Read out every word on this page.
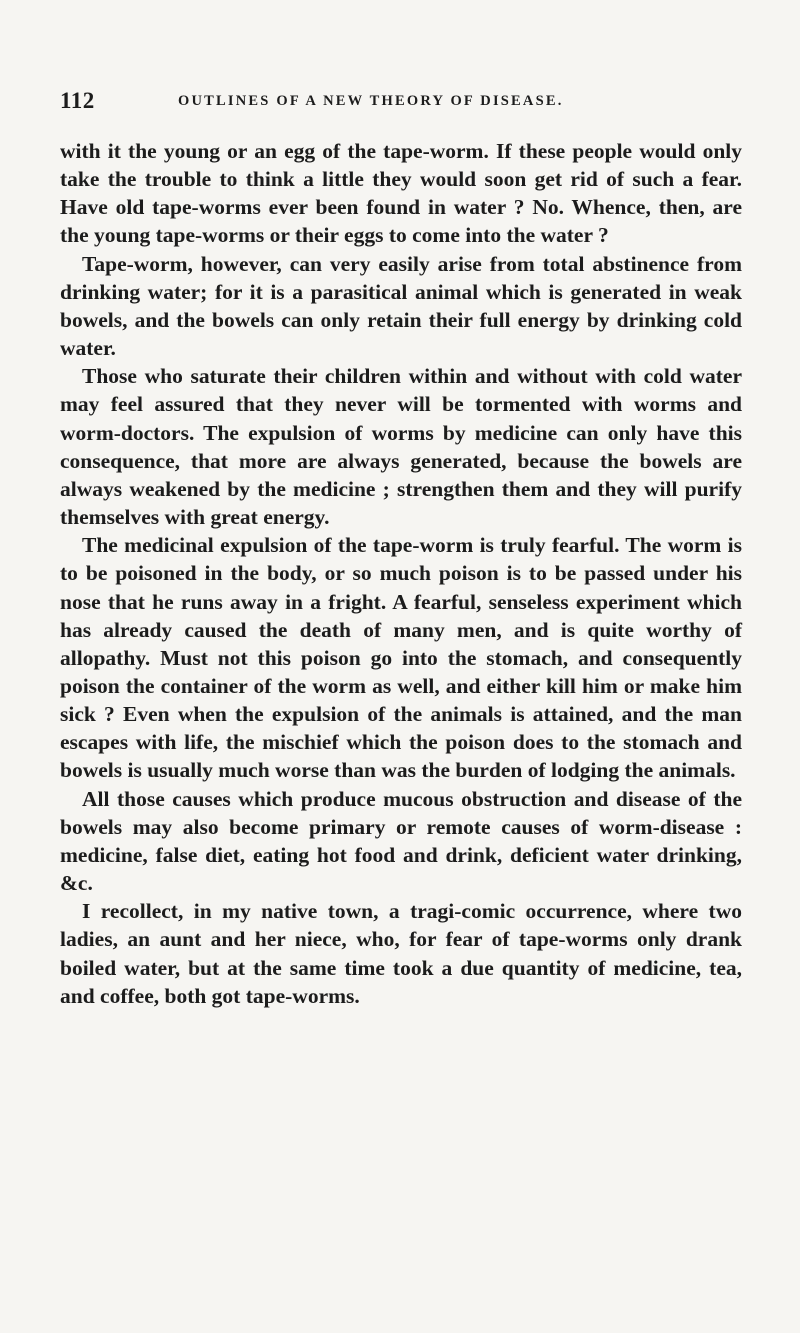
112	OUTLINES OF A NEW THEORY OF DISEASE.

with it the young or an egg of the tape-worm. If these people would only take the trouble to think a little they would soon get rid of such a fear. Have old tape-worms ever been found in water ? No. Whence, then, are the young tape-worms or their eggs to come into the water ?

Tape-worm, however, can very easily arise from total abstinence from drinking water; for it is a parasitical animal which is generated in weak bowels, and the bowels can only retain their full energy by drinking cold water.

Those who saturate their children within and without with cold water may feel assured that they never will be tormented with worms and worm-doctors. The expulsion of worms by medicine can only have this consequence, that more are always generated, because the bowels are always weakened by the medicine ; strengthen them and they will purify themselves with great energy.

The medicinal expulsion of the tape-worm is truly fearful. The worm is to be poisoned in the body, or so much poison is to be passed under his nose that he runs away in a fright. A fearful, senseless experiment which has already caused the death of many men, and is quite worthy of allopathy. Must not this poison go into the stomach, and consequently poison the container of the worm as well, and either kill him or make him sick ? Even when the expulsion of the animals is attained, and the man escapes with life, the mischief which the poison does to the stomach and bowels is usually much worse than was the burden of lodging the animals.

All those causes which produce mucous obstruction and disease of the bowels may also become primary or remote causes of worm-disease : medicine, false diet, eating hot food and drink, deficient water drinking, &c.

I recollect, in my native town, a tragi-comic occurrence, where two ladies, an aunt and her niece, who, for fear of tape-worms only drank boiled water, but at the same time took a due quantity of medicine, tea, and coffee, both got tape-worms.
